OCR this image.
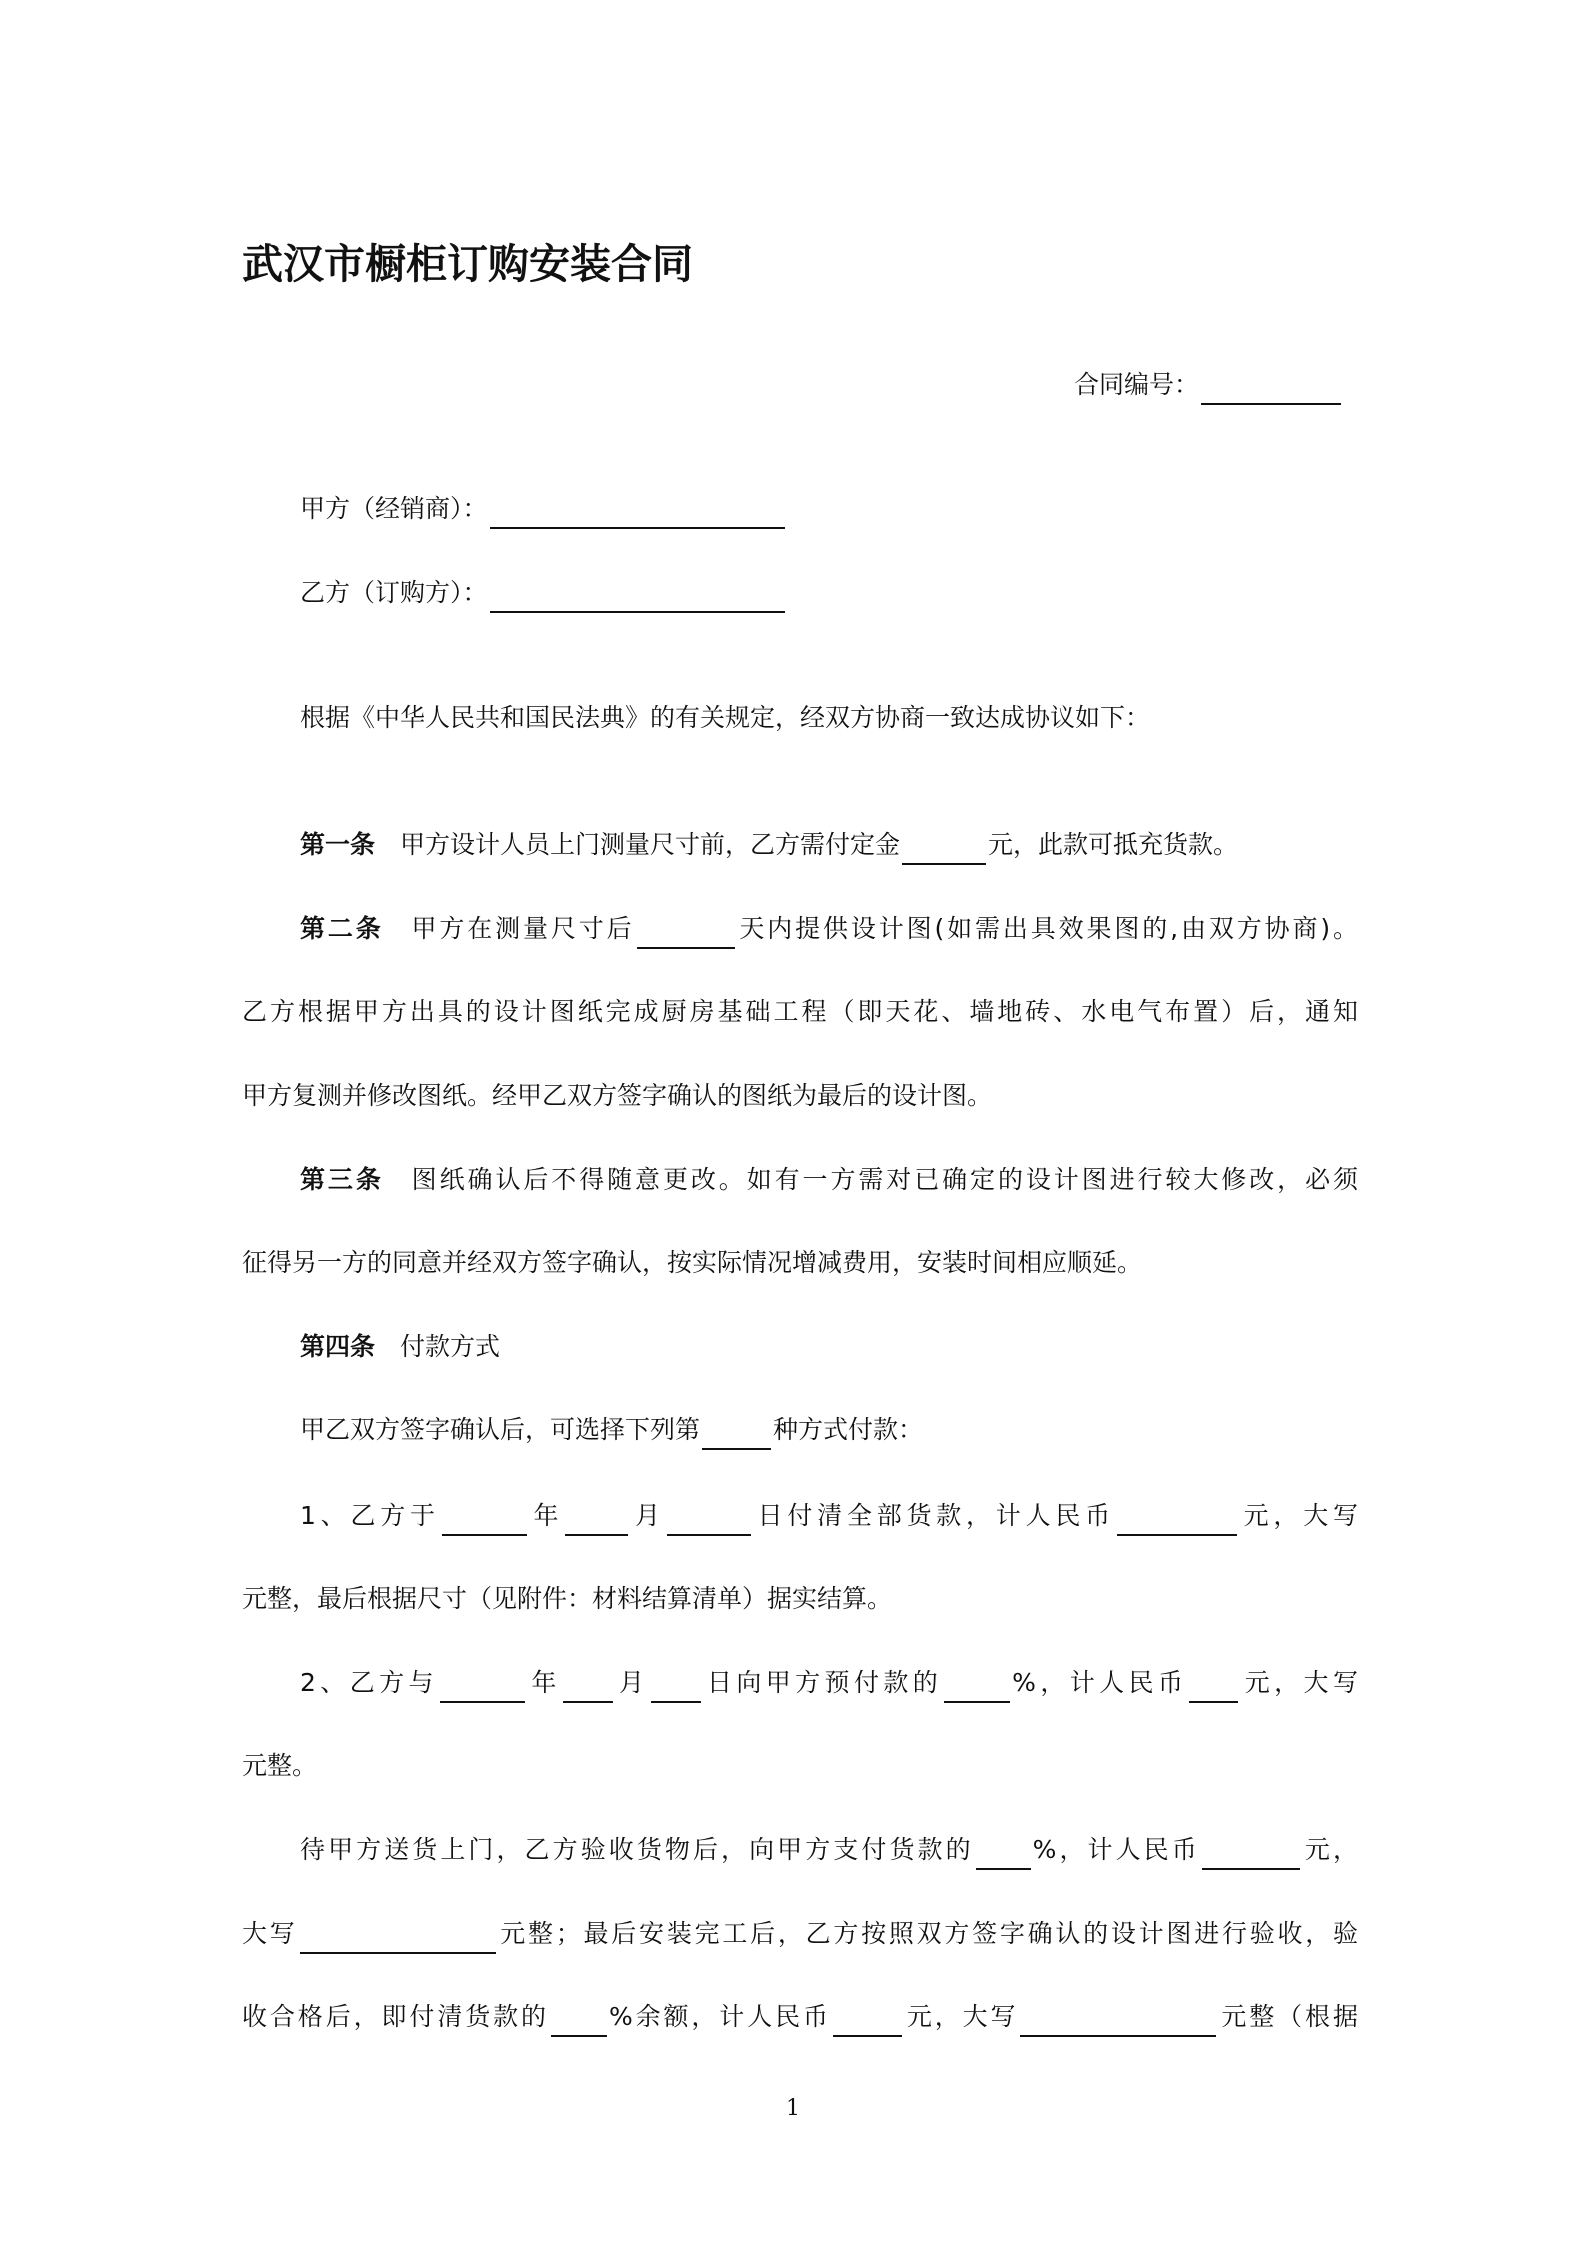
武汉市橱柜订购安装合同
合同编号：
甲方（经销商）：
乙方（订购方）：
根据《中华人民共和国民法典》的有关规定，经双方协商一致达成协议如下：
第一条　甲方设计人员上门测量尺寸前，乙方需付定金	元，此款可抵充货款。
第二条　甲方在测量尺寸后	天内提供设计图(如需出具效果图的,由双方协商)。
乙方根据甲方出具的设计图纸完成厨房基础工程（即天花、墙地砖、水电气布置）后，通知
甲方复测并修改图纸。经甲乙双方签字确认的图纸为最后的设计图。
第三条　图纸确认后不得随意更改。如有一方需对已确定的设计图进行较大修改，必须
征得另一方的同意并经双方签字确认，按实际情况增减费用，安装时间相应顺延。
第四条　付款方式
甲乙双方签字确认后，可选择下列第	种方式付款：
1、乙方于	年	月	日付清全部货款，计人民币	元，大写
元整，最后根据尺寸（见附件：材料结算清单）据实结算。
2、乙方与	年 月 日向甲方预付款的	%，计人民币 元，大写
元整。
待甲方送货上门，乙方验收货物后，向甲方支付货款的 %，计人民币	元，
大写	元整；最后安装完工后，乙方按照双方签字确认的设计图进行验收，验
收合格后，即付清货款的 %余额，计人民币	元，大写	元整（根据
1
